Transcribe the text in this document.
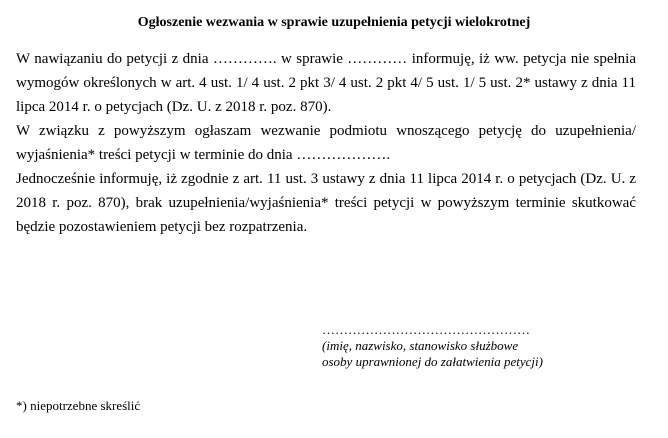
Ogłoszenie wezwania w sprawie uzupełnienia petycji wielokrotnej

W nawiązaniu do petycji z dnia …………. w sprawie ………… informuję, iż ww. petycja nie spełnia wymogów określonych w art. 4 ust. 1/ 4 ust. 2 pkt 3/ 4 ust. 2 pkt 4/ 5 ust. 1/ 5 ust. 2* ustawy z dnia 11 lipca 2014 r. o petycjach (Dz. U. z 2018 r. poz. 870).

W związku z powyższym ogłaszam wezwanie podmiotu wnoszącego petycję do uzupełnienia/ wyjaśnienia* treści petycji w terminie do dnia ……………….

Jednocześnie informuję, iż zgodnie z art. 11 ust. 3 ustawy z dnia 11 lipca 2014 r. o petycjach (Dz. U. z 2018 r. poz. 870), brak uzupełnienia/wyjaśnienia* treści petycji w powyższym terminie skutkować będzie pozostawieniem petycji bez rozpatrzenia.

…………………………………………
(imię, nazwisko, stanowisko służbowe
osoby uprawnionej do załatwienia petycji)
*) niepotrzebne skreślić
